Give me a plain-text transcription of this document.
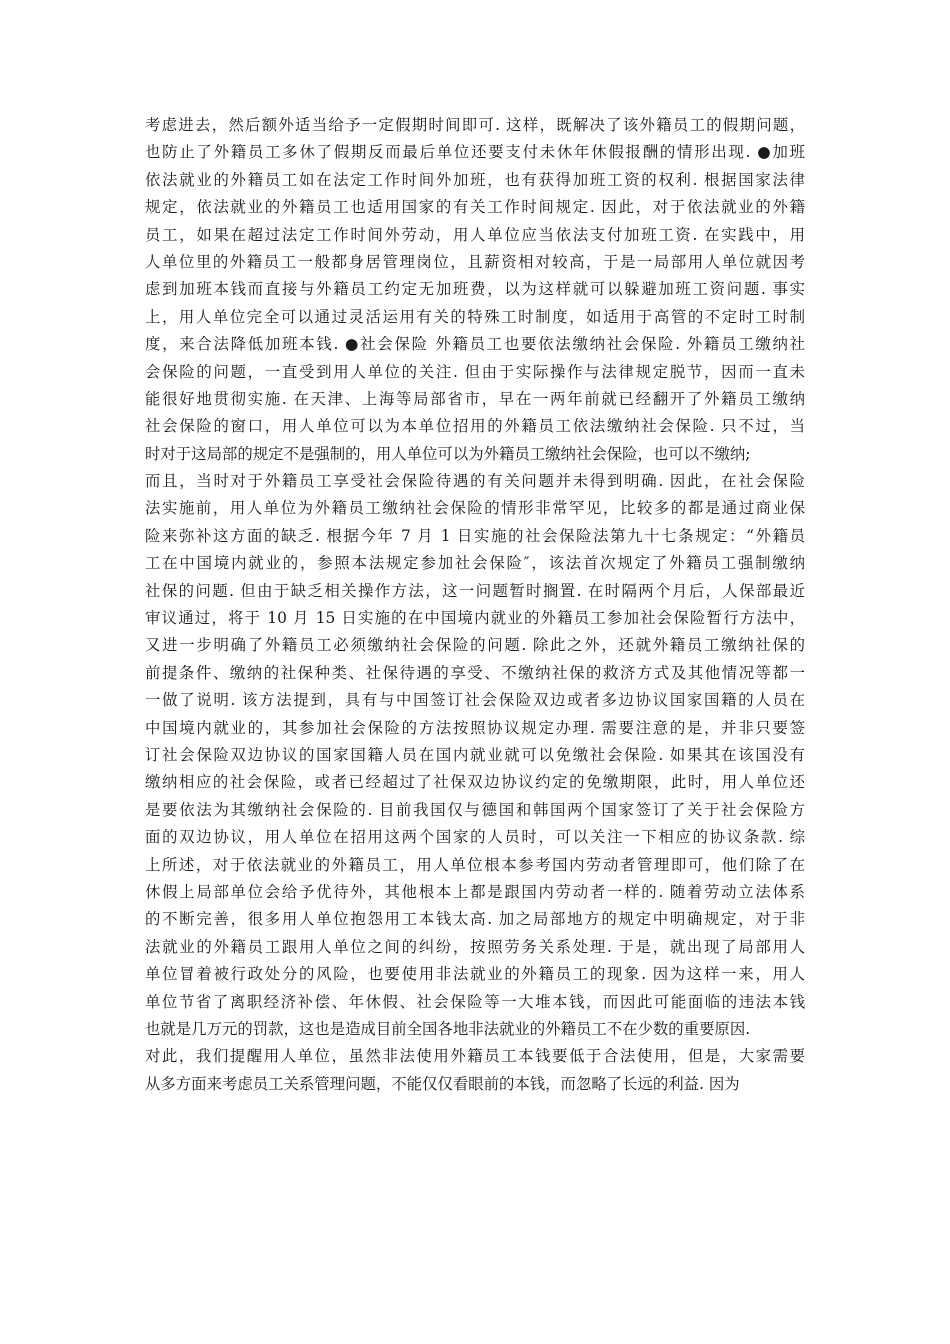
考虑进去，然后额外适当给予一定假期时间即可. 这样，既解决了该外籍员工的假期问题，
也防止了外籍员工多休了假期反而最后单位还要支付未休年休假报酬的情形出现. ●加班
依法就业的外籍员工如在法定工作时间外加班，也有获得加班工资的权利. 根据国家法律
规定，依法就业的外籍员工也适用国家的有关工作时间规定. 因此，对于依法就业的外籍
员工，如果在超过法定工作时间外劳动，用人单位应当依法支付加班工资. 在实践中，用
人单位里的外籍员工一般都身居管理岗位，且薪资相对较高，于是一局部用人单位就因考
虑到加班本钱而直接与外籍员工约定无加班费，以为这样就可以躲避加班工资问题. 事实
上，用人单位完全可以通过灵活运用有关的特殊工时制度，如适用于高管的不定时工时制
度，来合法降低加班本钱. ●社会保险 外籍员工也要依法缴纳社会保险. 外籍员工缴纳社
会保险的问题，一直受到用人单位的关注. 但由于实际操作与法律规定脱节，因而一直未
能很好地贯彻实施. 在天津、上海等局部省市，早在一两年前就已经翻开了外籍员工缴纳
社会保险的窗口，用人单位可以为本单位招用的外籍员工依法缴纳社会保险. 只不过，当
时对于这局部的规定不是强制的，用人单位可以为外籍员工缴纳社会保险，也可以不缴纳;
而且，当时对于外籍员工享受社会保险待遇的有关问题并未得到明确. 因此，在社会保险
法实施前，用人单位为外籍员工缴纳社会保险的情形非常罕见，比较多的都是通过商业保
险来弥补这方面的缺乏. 根据今年 7 月 1 日实施的社会保险法第九十七条规定：“外籍员
工在中国境内就业的，参照本法规定参加社会保险″，该法首次规定了外籍员工强制缴纳
社保的问题. 但由于缺乏相关操作方法，这一问题暂时搁置. 在时隔两个月后，人保部最近
审议通过，将于 10 月 15 日实施的在中国境内就业的外籍员工参加社会保险暂行方法中，
又进一步明确了外籍员工必须缴纳社会保险的问题. 除此之外，还就外籍员工缴纳社保的
前提条件、缴纳的社保种类、社保待遇的享受、不缴纳社保的救济方式及其他情况等都一
一做了说明. 该方法提到，具有与中国签订社会保险双边或者多边协议国家国籍的人员在
中国境内就业的，其参加社会保险的方法按照协议规定办理. 需要注意的是，并非只要签
订社会保险双边协议的国家国籍人员在国内就业就可以免缴社会保险. 如果其在该国没有
缴纳相应的社会保险，或者已经超过了社保双边协议约定的免缴期限，此时，用人单位还
是要依法为其缴纳社会保险的. 目前我国仅与德国和韩国两个国家签订了关于社会保险方
面的双边协议，用人单位在招用这两个国家的人员时，可以关注一下相应的协议条款. 综
上所述，对于依法就业的外籍员工，用人单位根本参考国内劳动者管理即可，他们除了在
休假上局部单位会给予优待外，其他根本上都是跟国内劳动者一样的. 随着劳动立法体系
的不断完善，很多用人单位抱怨用工本钱太高. 加之局部地方的规定中明确规定，对于非
法就业的外籍员工跟用人单位之间的纠纷，按照劳务关系处理. 于是，就出现了局部用人
单位冒着被行政处分的风险，也要使用非法就业的外籍员工的现象. 因为这样一来，用人
单位节省了离职经济补偿、年休假、社会保险等一大堆本钱，而因此可能面临的违法本钱
也就是几万元的罚款，这也是造成目前全国各地非法就业的外籍员工不在少数的重要原因.
对此，我们提醒用人单位，虽然非法使用外籍员工本钱要低于合法使用，但是，大家需要
从多方面来考虑员工关系管理问题，不能仅仅看眼前的本钱，而忽略了长远的利益. 因为
